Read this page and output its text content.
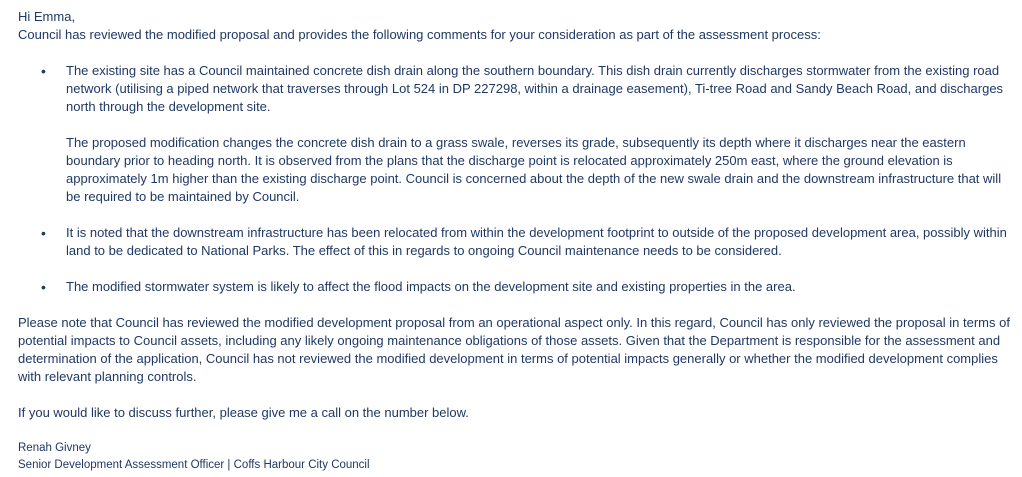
Hi Emma,

Council has reviewed the modified proposal and provides the following comments for your consideration as part of the assessment process:

• The existing site has a Council maintained concrete dish drain along the southern boundary. This dish drain currently discharges stormwater from the existing road network (utilising a piped network that traverses through Lot 524 in DP 227298, within a drainage easement), Ti-tree Road and Sandy Beach Road, and discharges north through the development site.

The proposed modification changes the concrete dish drain to a grass swale, reverses its grade, subsequently its depth where it discharges near the eastern boundary prior to heading north. It is observed from the plans that the discharge point is relocated approximately 250m east, where the ground elevation is approximately 1m higher than the existing discharge point. Council is concerned about the depth of the new swale drain and the downstream infrastructure that will be required to be maintained by Council.

• It is noted that the downstream infrastructure has been relocated from within the development footprint to outside of the proposed development area, possibly within land to be dedicated to National Parks. The effect of this in regards to ongoing Council maintenance needs to be considered.

• The modified stormwater system is likely to affect the flood impacts on the development site and existing properties in the area.

Please note that Council has reviewed the modified development proposal from an operational aspect only. In this regard, Council has only reviewed the proposal in terms of potential impacts to Council assets, including any likely ongoing maintenance obligations of those assets. Given that the Department is responsible for the assessment and determination of the application, Council has not reviewed the modified development in terms of potential impacts generally or whether the modified development complies with relevant planning controls.

If you would like to discuss further, please give me a call on the number below.

Renah Givney

Senior Development Assessment Officer | Coffs Harbour City Council
